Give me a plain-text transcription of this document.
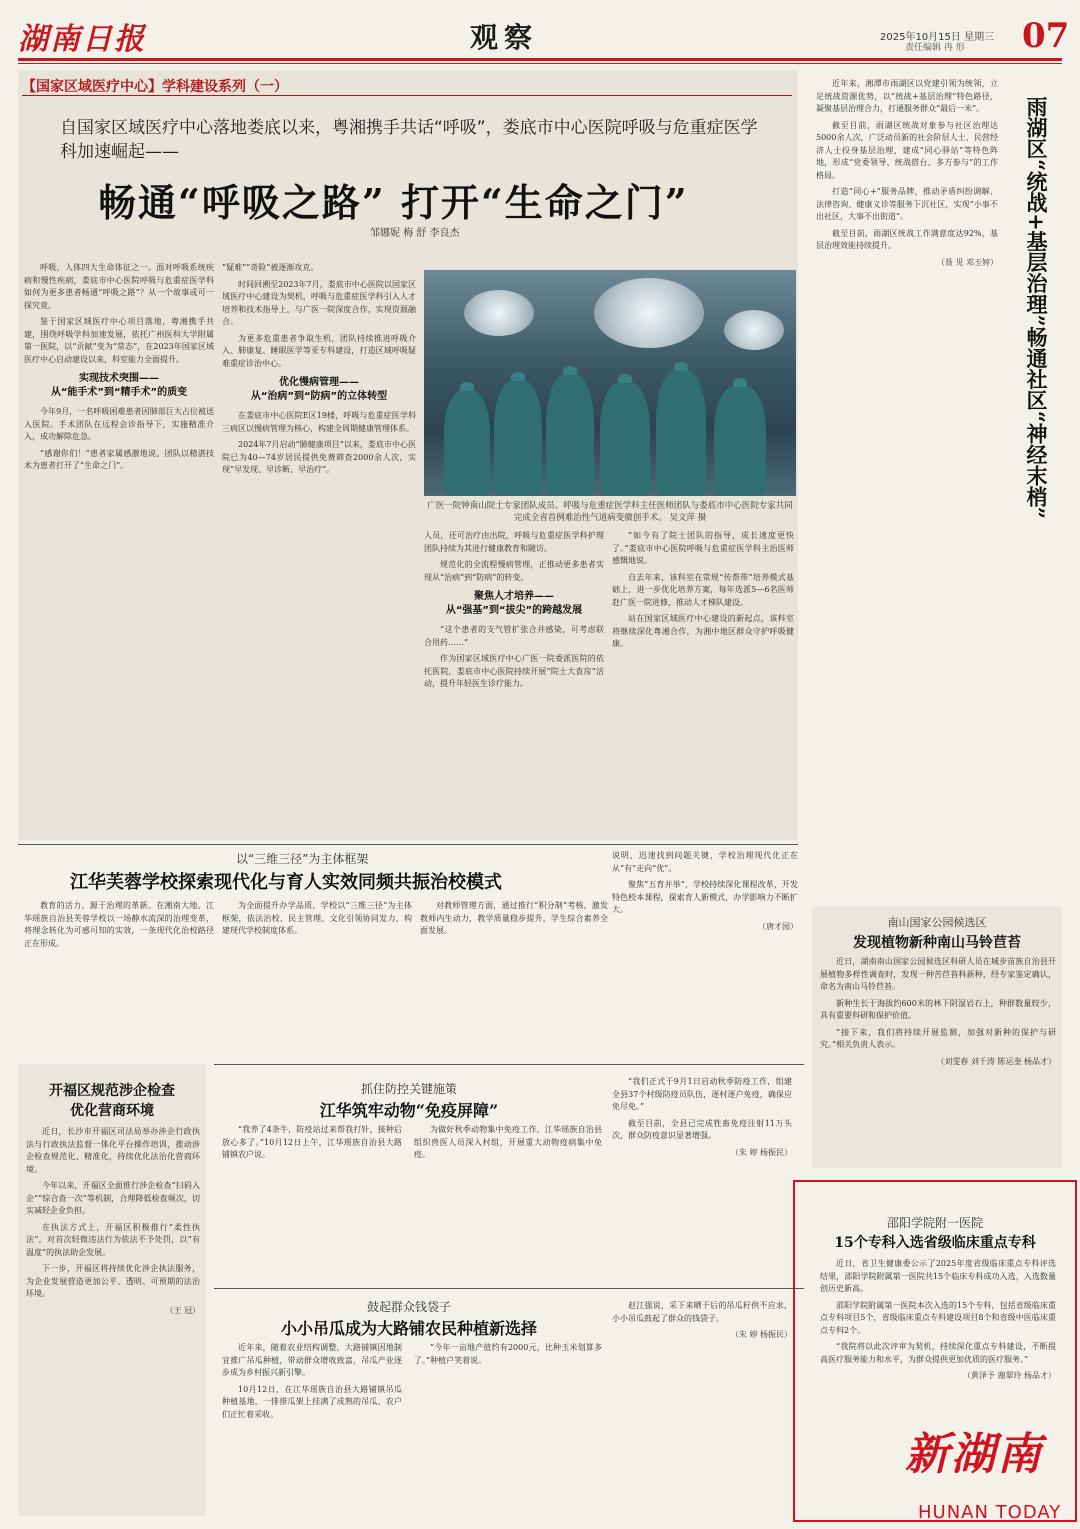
湖南日报	观察	2025年10月15日 星期三
责任编辑 冉 形 07
【国家区域医疗中心】学科建设系列（一）
自国家区域医疗中心落地娄底以来，粤湘携手共话“呼吸”，娄底市中心医院呼吸与危重症医学科加速崛起——
畅通“呼吸之路” 打开“生命之门”
邹娜妮 梅 舒 李良杰

呼吸，人体四大生命体征之一。面对呼吸系统疾病和慢性疾病，娄底市中心医院呼吸与危重症医学科如何为更多患者畅通“呼吸之路”？从一个故事或可一探究竟。

鉴于国家区域医疗中心项目落地，粤湘携手共建，围绕呼吸学科加速发展，依托广州医科大学附属第一医院，以“贡献”变为“常态”，在2023年国家区域医疗中心启动建设以来，科室能力全面提升。

实现技术突围——
从“能手术”到“精手术”的质变

今年9月，一名呼吸困难患者因肺部巨大占位被送入医院。手术团队在远程会诊指导下，实施精准介入，成功解除危急。

“感谢你们！”患者家属感激地说。团队以精湛技术为患者打开了“生命之门”。

“疑难”“奇险”被逐渐攻克。

时间回溯至2023年7月，娄底市中心医院以国家区域医疗中心建设为契机，呼吸与危重症医学科引入人才培养和技术指导上，与广医一院深度合作，实现资源融合。

为更多危重患者争取生机，团队持续推进呼吸介入、肺康复、睡眠医学等亚专科建设，打造区域呼吸疑难重症诊治中心。

优化慢病管理——
从“治病”到“防病”的立体转型

在娄底市中心医院E区19楼，呼吸与危重症医学科三病区以慢病管理为核心，构建全周期健康管理体系。

2024年7月启动“肺健康项目”以来，娄底市中心医院已为40—74岁居民提供免费筛查2000余人次，实现“早发现、早诊断、早治疗”。

广医一院钟南山院士专家团队成员、呼吸与危重症医学科主任医师团队与娄底市中心医院专家共同完成全省首例难治性气道病变微创手术。 吴文萍 摄

人员，还可治疗由出院，呼吸与危重症医学科护理团队持续为其进行健康教育和随访。

规范化的全流程慢病管理，正推动更多患者实现从“治病”到“防病”的转变。

聚焦人才培养——
从“强基”到“拔尖”的跨越发展

“这个患者的支气管扩张合并感染，可考虑联合用药……”

作为国家区域医疗中心广医一院委派医院的依托医院，娄底市中心医院持续开展“院士大查房”活动，提升年轻医生诊疗能力。

“如今有了院士团队的指导，成长速度更快了。”娄底市中心医院呼吸与危重症医学科主治医师感慨地说。

自去年来，该科室在常规“传帮带”培养模式基础上，进一步优化培养方案，每年选派5—6名医师赴广医一院进修，推动人才梯队建设。

站在国家区域医疗中心建设的新起点，该科室将继续深化粤湘合作，为湘中地区群众守护呼吸健康。

雨湖区“统战+基层治理”畅通社区“神经末梢”

近年来，湘潭市雨湖区以党建引领为统领，立足统战资源优势，以“统战+基层治理”特色路径，凝聚基层治理合力，打通服务群众“最后一米”。

截至目前，雨湖区统战对象参与社区治理达5000余人次，广泛动员新的社会阶层人士、民营经济人士投身基层治理，建成“同心驿站”等特色阵地，形成“党委领导、统战搭台、多方参与”的工作格局。

打造“同心+”服务品牌，推动矛盾纠纷调解、法律咨询、健康义诊等服务下沉社区，实现“小事不出社区，大事不出街道”。

截至目前，雨湖区统战工作满意度达92%，基层治理效能持续提升。

（聂 见 邓玉婷）
以“三维三径”为主体框架
江华芙蓉学校探索现代化与育人实效同频共振治校模式

教育的活力，源于治理的革新。在湘南大地，江华瑶族自治县芙蓉学校以一场静水流深的治理变革，将理念转化为可感可知的实效，一条现代化治校路径正在形成。

为全面提升办学品质，学校以“三维三径”为主体框架，依法治校、民主管理、文化引领协同发力，构建现代学校制度体系。

对教师管理方面，通过推行“积分制”考核，激发教师内生动力，教学质量稳步提升，学生综合素养全面发展。

说明，迅速找到问题关键，学校治理现代化正在从“有”走向“优”。

聚焦“五育并举”，学校持续深化课程改革，开发特色校本课程，探索育人新模式，办学影响力不断扩大。

（唐才园）	南山国家公园候选区
发现植物新种南山马铃苣苔

近日，湖南南山国家公园候选区科研人员在城步苗族自治县开展植物多样性调查时，发现一种苦苣苔科新种，经专家鉴定确认，命名为南山马铃苣苔。

新种生长于海拔约600米的林下阴湿岩石上，种群数量较少，具有重要科研和保护价值。

“接下来，我们将持续开展监测，加强对新种的保护与研究。”相关负责人表示。

（刘雯春 刘千涛 陈运奎 杨品才）
开福区规范涉企检查
优化营商环境

近日，长沙市开福区司法局举办涉企行政执法与行政执法监督一体化平台操作培训，推动涉企检查规范化、精准化，持续优化法治化营商环境。

今年以来，开福区全面推行涉企检查“扫码入企”“综合查一次”等机制，合理降低检查频次，切实减轻企业负担。

在执法方式上，开福区积极推行“柔性执法”，对首次轻微违法行为依法不予处罚，以“有温度”的执法助企发展。

下一步，开福区将持续优化涉企执法服务，为企业发展营造更加公平、透明、可预期的法治环境。

（王 冠）
抓住防控关键施策
江华筑牢动物“免疫屏障”

“我养了4条牛，防疫站过来帮我打针，接种后放心多了。”10月12日上午，江华瑶族自治县大路铺镇农户说。

为做好秋季动物集中免疫工作，江华瑶族自治县组织兽医人员深入村组，开展重大动物疫病集中免疫。

“我们正式于9月1日启动秋季防疫工作，组建全县37个村级防疫员队伍，逐村逐户免疫，确保应免尽免。”

截至目前，全县已完成牲畜免疫注射11万头次，群众防疫意识显著增强。

（朱 婷 杨振民）
鼓起群众钱袋子
小小吊瓜成为大路铺农民种植新选择

近年来，随着农业结构调整，大路铺镇因地制宜推广吊瓜种植，带动群众增收致富，吊瓜产业逐步成为乡村振兴新引擎。

10月12日，在江华瑶族自治县大路铺镇吊瓜种植基地，一排排瓜架上挂满了成熟的吊瓜，农户们正忙着采收。

“今年一亩地产值约有2000元，比种玉米划算多了。”种植户笑着说。

赵江强说，采下来晒干后的吊瓜籽供不应求，小小吊瓜鼓起了群众的钱袋子。

（朱 婷 杨振民）
邵阳学院附一医院
15个专科入选省级临床重点专科

近日，省卫生健康委公示了2025年度省级临床重点专科评选结果，邵阳学院附属第一医院共15个临床专科成功入选，入选数量创历史新高。

邵阳学院附属第一医院本次入选的15个专科，包括省级临床重点专科项目5个，省级临床重点专科建设项目8个和省级中医临床重点专科2个。

“我院将以此次评审为契机，持续深化重点专科建设，不断提高医疗服务能力和水平，为群众提供更加优质的医疗服务。”

（黄泽予 谢翠玲 杨品才）
新湖南
HUNAN TODAY
